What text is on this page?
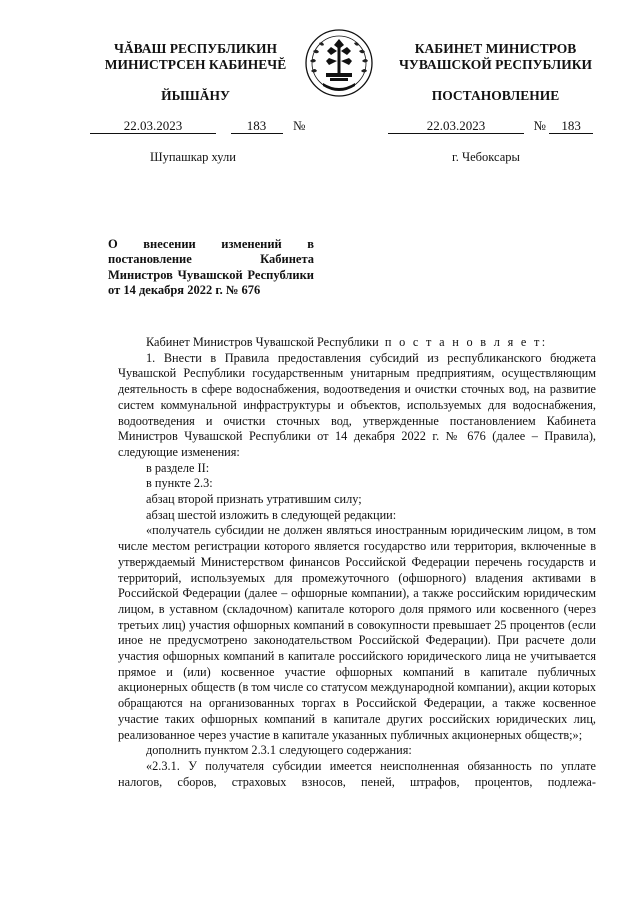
ЧĂВАШ РЕСПУБЛИКИН
МИНИСТРСЕН КАБИНЕЧĔ
КАБИНЕТ МИНИСТРОВ
ЧУВАШСКОЙ РЕСПУБЛИКИ
ЙЫШĂНУ	ПОСТАНОВЛЕНИЕ
22.03.2023	183 №	22.03.2023	№ 183
Шупашкар хули	г. Чебоксары
О внесении изменений в постановление Кабинета Министров Чувашской Республики от 14 декабря 2022 г. № 676

Кабинет Министров Чувашской Республики п о с т а н о в л я е т:

1. Внести в Правила предоставления субсидий из республиканского бюджета Чувашской Республики государственным унитарным предприятиям, осуществляющим деятельность в сфере водоснабжения, водоотведения и очистки сточных вод, на развитие систем коммунальной инфраструктуры и объектов, используемых для водоснабжения, водоотведения и очистки сточных вод, утвержденные постановлением Кабинета Министров Чувашской Республики от 14 декабря 2022 г. № 676 (далее – Правила), следующие изменения:

в разделе II:

в пункте 2.3:

абзац второй признать утратившим силу;

абзац шестой изложить в следующей редакции:

«получатель субсидии не должен являться иностранным юридическим лицом, в том числе местом регистрации которого является государство или территория, включенные в утверждаемый Министерством финансов Российской Федерации перечень государств и территорий, используемых для промежуточного (офшорного) владения активами в Российской Федерации (далее – офшорные компании), а также российским юридическим лицом, в уставном (складочном) капитале которого доля прямого или косвенного (через третьих лиц) участия офшорных компаний в совокупности превышает 25 процентов (если иное не предусмотрено законодательством Российской Федерации). При расчете доли участия офшорных компаний в капитале российского юридического лица не учитывается прямое и (или) косвенное участие офшорных компаний в капитале публичных акционерных обществ (в том числе со статусом международной компании), акции которых обращаются на организованных торгах в Российской Федерации, а также косвенное участие таких офшорных компаний в капитале других российских юридических лиц, реализованное через участие в капитале указанных публичных акционерных обществ;»;

дополнить пунктом 2.3.1 следующего содержания:

«2.3.1. У получателя субсидии имеется неисполненная обязанность по уплате налогов, сборов, страховых взносов, пеней, штрафов, процентов, подлежа-
